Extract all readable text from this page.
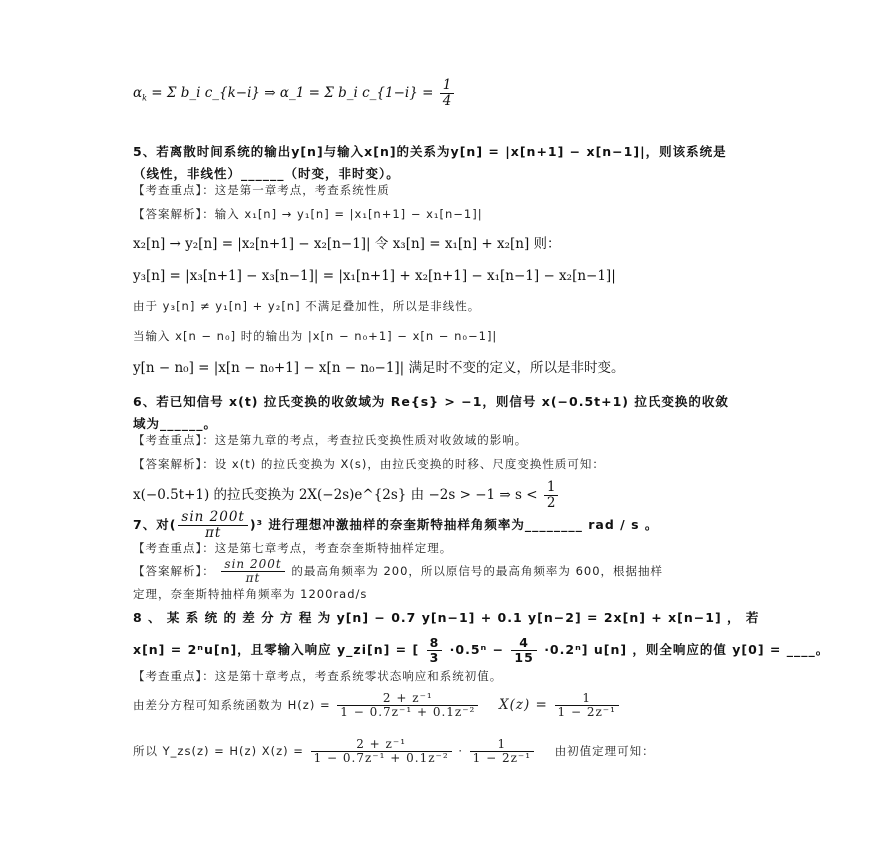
$\alpha_k = \Sigma$ b_i c_{k−i} ⇒ α_1 = Σ b_i c_{1−i} = $\frac{1}{4}$
5、若离散时间系统的输出y[n]与输入x[n]的关系为y[n] = |x[n+1] − x[n−1]|，则该系统是
（线性，非线性）______（时变，非时变）。
【考查重点】：这是第一章考点，考查系统性质
【答案解析】：输入 x₁[n] → y₁[n] = |x₁[n+1] − x₁[n−1]|
x₂[n] → y₂[n] = |x₂[n+1] − x₂[n−1]| 令 x₃[n] = x₁[n] + x₂[n] 则：
y₃[n] = |x₃[n+1] − x₃[n−1]| = |x₁[n+1] + x₂[n+1] − x₁[n−1] − x₂[n−1]|
由于 y₃[n] ≠ y₁[n] + y₂[n] 不满足叠加性，所以是非线性。
当输入 x[n − n₀] 时的输出为 |x[n − n₀+1] − x[n − n₀−1]|
y[n − n₀] = |x[n − n₀+1] − x[n − n₀−1]| 满足时不变的定义，所以是非时变。
6、若已知信号 x(t) 拉氏变换的收敛域为 Re{s} > −1，则信号 x(−0.5t+1) 拉氏变换的收敛
域为______。
【考查重点】：这是第九章的考点，考查拉氏变换性质对收敛域的影响。
【答案解析】：设 x(t) 的拉氏变换为 X(s)，由拉氏变换的时移、尺度变换性质可知：
x(−0.5t+1) 的拉氏变换为 2X(−2s)e^{2s} 由 −2s > −1 ⇒ $s < \frac{1}{2}$
7、对( $\frac{\sin 200t}{\pi t} )^3$ 进行理想冲激抽样的奈奎斯特抽样角频率为________ rad / s 。
【考查重点】：这是第七章考点，考查奈奎斯特抽样定理。
【答案解析】： $\frac{\sin 200t}{\pi t}$ 的最高角频率为 200，所以原信号的最高角频率为 600，根据抽样
定理，奈奎斯特抽样角频率为 1200rad/s
8 、 某 系 统 的 差 分 方 程 为 y[n] − 0.7 y[n−1] + 0.1 y[n−2] = 2x[n] + x[n−1] ， 若
x[n] = 2ⁿu[n]，且零输入响应 y_zi[n] = [ $\frac{8}{3} \cdot 0.5^n - \frac{4}{15} \cdot 0.2^n$] u[n] ，则全响应的值 y[0] = ____。
【考查重点】：这是第十章考点，考查系统零状态响应和系统初值。
由差分方程可知系统函数为 $H(z) = \frac{\text{2 + z⁻¹}}{\text{1 − 0.7z⁻¹ + 0.1z⁻²}} X(z) = \frac{1}{\text{1 − 2z⁻¹}}$
所以 Y_zs(z) = H(z) $X(z) = \frac{\text{2 + z⁻¹}}{\text{1 − 0.7z⁻¹ + 0.1z⁻²}} \cdot \frac{1}{\text{1 − 2z⁻¹}}$ 由初值定理可知：
